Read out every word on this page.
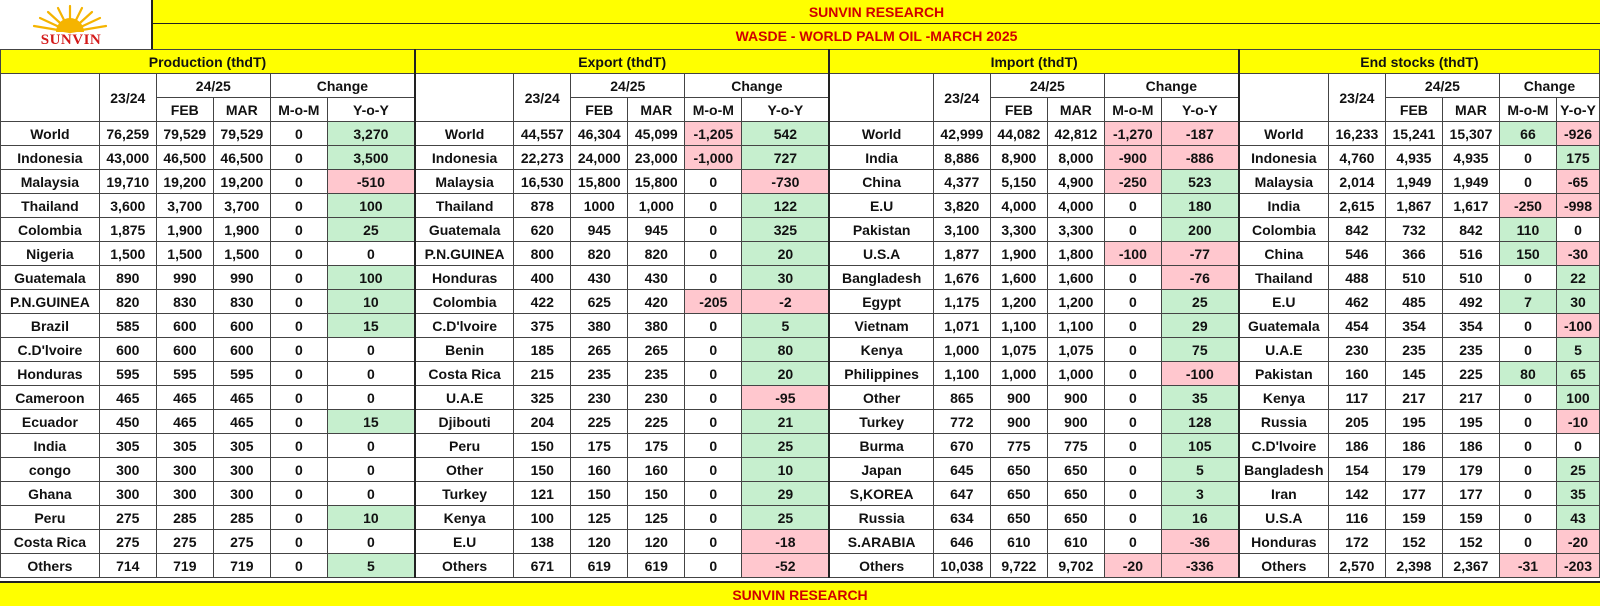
SUNVIN
SUNVIN RESEARCH
WASDE - WORLD PALM OIL -MARCH 2025
Production (thdT)						Export (thdT)						Import (thdT)						End stocks (thdT)					
	23/24	24/25		Change			23/24	24/25		Change			23/24	24/25		Change			23/24	24/25		Change	
		FEB	MAR	M-o-M	Y-o-Y			FEB	MAR	M-o-M	Y-o-Y			FEB	MAR	M-o-M	Y-o-Y			FEB	MAR	M-o-M	Y-o-Y
World	76,259	79,529	79,529	0	3,270	World	44,557	46,304	45,099	-1,205	542	World	42,999	44,082	42,812	-1,270	-187	World	16,233	15,241	15,307	66	-926
Indonesia	43,000	46,500	46,500	0	3,500	Indonesia	22,273	24,000	23,000	-1,000	727	India	8,886	8,900	8,000	-900	-886	Indonesia	4,760	4,935	4,935	0	175
Malaysia	19,710	19,200	19,200	0	-510	Malaysia	16,530	15,800	15,800	0	-730	China	4,377	5,150	4,900	-250	523	Malaysia	2,014	1,949	1,949	0	-65
Thailand	3,600	3,700	3,700	0	100	Thailand	878	1000	1,000	0	122	E.U	3,820	4,000	4,000	0	180	India	2,615	1,867	1,617	-250	-998
Colombia	1,875	1,900	1,900	0	25	Guatemala	620	945	945	0	325	Pakistan	3,100	3,300	3,300	0	200	Colombia	842	732	842	110	0
Nigeria	1,500	1,500	1,500	0	0	P.N.GUINEA	800	820	820	0	20	U.S.A	1,877	1,900	1,800	-100	-77	China	546	366	516	150	-30
Guatemala	890	990	990	0	100	Honduras	400	430	430	0	30	Bangladesh	1,676	1,600	1,600	0	-76	Thailand	488	510	510	0	22
P.N.GUINEA	820	830	830	0	10	Colombia	422	625	420	-205	-2	Egypt	1,175	1,200	1,200	0	25	E.U	462	485	492	7	30
Brazil	585	600	600	0	15	C.D'lvoire	375	380	380	0	5	Vietnam	1,071	1,100	1,100	0	29	Guatemala	454	354	354	0	-100
C.D'lvoire	600	600	600	0	0	Benin	185	265	265	0	80	Kenya	1,000	1,075	1,075	0	75	U.A.E	230	235	235	0	5
Honduras	595	595	595	0	0	Costa Rica	215	235	235	0	20	Philippines	1,100	1,000	1,000	0	-100	Pakistan	160	145	225	80	65
Cameroon	465	465	465	0	0	U.A.E	325	230	230	0	-95	Other	865	900	900	0	35	Kenya	117	217	217	0	100
Ecuador	450	465	465	0	15	Djibouti	204	225	225	0	21	Turkey	772	900	900	0	128	Russia	205	195	195	0	-10
India	305	305	305	0	0	Peru	150	175	175	0	25	Burma	670	775	775	0	105	C.D'lvoire	186	186	186	0	0
congo	300	300	300	0	0	Other	150	160	160	0	10	Japan	645	650	650	0	5	Bangladesh	154	179	179	0	25
Ghana	300	300	300	0	0	Turkey	121	150	150	0	29	S,KOREA	647	650	650	0	3	Iran	142	177	177	0	35
Peru	275	285	285	0	10	Kenya	100	125	125	0	25	Russia	634	650	650	0	16	U.S.A	116	159	159	0	43
Costa Rica	275	275	275	0	0	E.U	138	120	120	0	-18	S.ARABIA	646	610	610	0	-36	Honduras	172	152	152	0	-20
Others	714	719	719	0	5	Others	671	619	619	0	-52	Others	10,038	9,722	9,702	-20	-336	Others	2,570	2,398	2,367	-31	-203
SUNVIN RESEARCH
